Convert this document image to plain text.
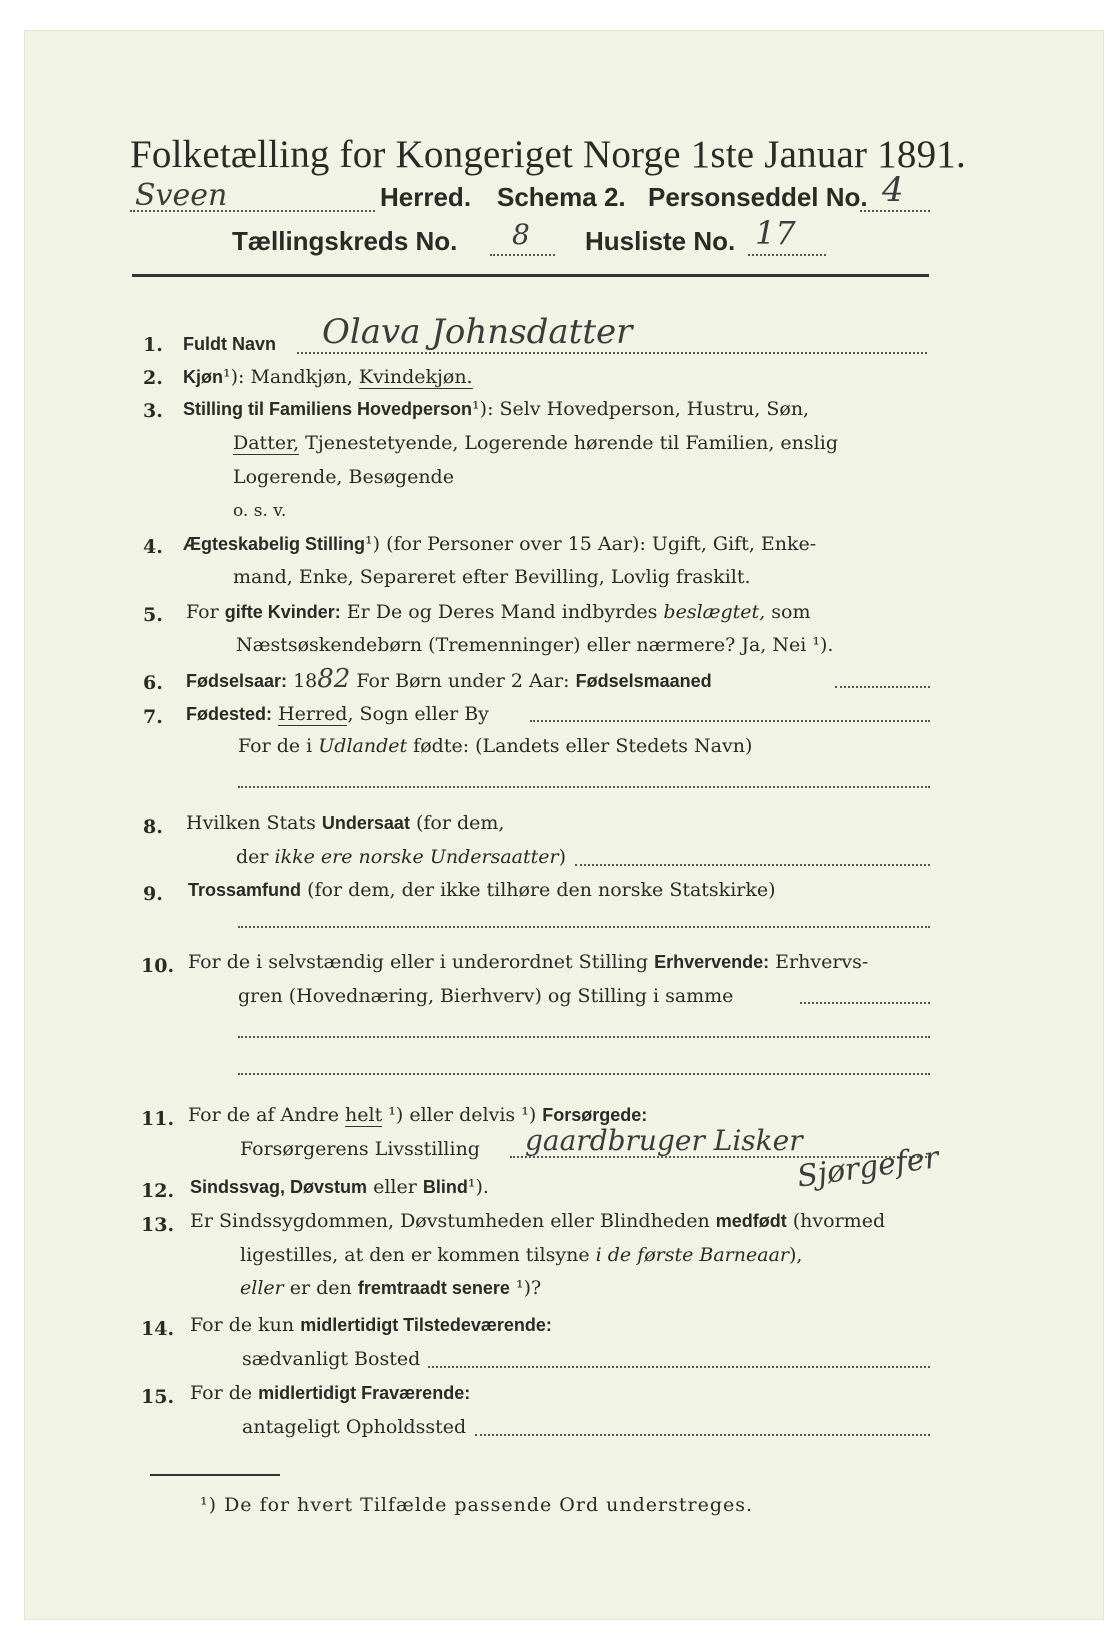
Folketælling for Kongeriget Norge 1ste Januar 1891.
Sveen	Herred. Schema 2. Personseddel No. 4
Tællingskreds No. 8 Husliste No. 17
1. Fuldt Navn Olava Johnsdatter
2. Kjøn¹): Mandkjøn, Kvindekjøn.
3. Stilling til Familiens Hovedperson¹): Selv Hovedperson, Hustru, Søn,
Datter, Tjenestetyende, Logerende hørende til Familien, enslig
Logerende, Besøgende
o. s. v.
4. Ægteskabelig Stilling¹) (for Personer over 15 Aar): Ugift, Gift, Enke-
mand, Enke, Separeret efter Bevilling, Lovlig fraskilt.
5. For gifte Kvinder: Er De og Deres Mand indbyrdes beslægtet, som
Næstsøskendebørn (Tremenninger) eller nærmere? Ja, Nei ¹).
6. Fødselsaar: 1882 For Børn under 2 Aar: Fødselsmaaned
7. Fødested: Herred, Sogn eller By
For de i Udlandet fødte: (Landets eller Stedets Navn)
8. Hvilken Stats Undersaat (for dem,
der ikke ere norske Undersaatter)
9. Trossamfund (for dem, der ikke tilhøre den norske Statskirke)
10. For de i selvstændig eller i underordnet Stilling Erhvervende: Erhvervs-
gren (Hovednæring, Bierhverv) og Stilling i samme
11. For de af Andre helt ¹) eller delvis ¹) Forsørgede:
Forsørgerens Livsstilling gaardbruger Lisker
Sjørgefer
12. Sindssvag, Døvstum eller Blind¹).
13. Er Sindssygdommen, Døvstumheden eller Blindheden medfødt (hvormed
ligestilles, at den er kommen tilsyne i de første Barneaar),
eller er den fremtraadt senere ¹)?
14. For de kun midlertidigt Tilstedeværende:
sædvanligt Bosted
15. For de midlertidigt Fraværende:
antageligt Opholdssted
¹) De for hvert Tilfælde passende Ord understreges.
